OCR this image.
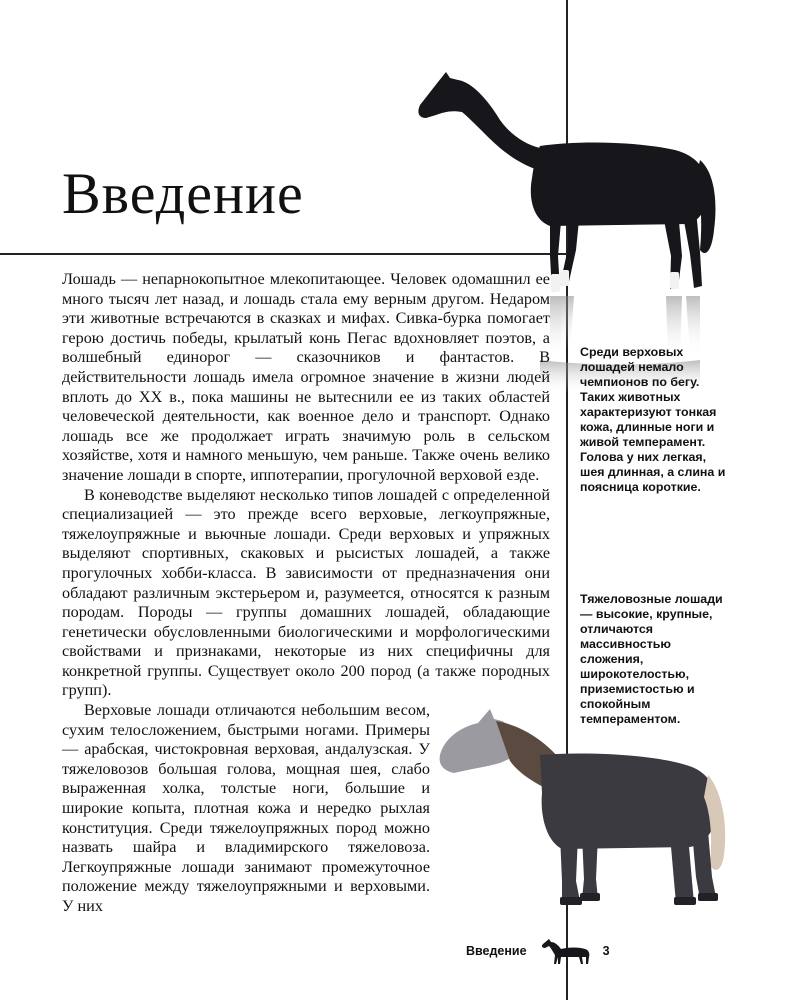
Введение

Лошадь — непарнокопытное млекопитающее. Человек одомашнил ее много тысяч лет назад, и лошадь стала ему верным другом. Недаром эти животные встречаются в сказках и мифах. Сивка-бурка помогает герою достичь победы, крылатый конь Пегас вдохновляет поэтов, а волшебный единорог — сказочников и фантастов. В действительности лошадь имела огромное значение в жизни людей вплоть до XX в., пока машины не вытеснили ее из таких областей человеческой деятельности, как военное дело и транспорт. Однако лошадь все же продолжает играть значимую роль в сельском хозяйстве, хотя и намного меньшую, чем раньше. Также очень велико значение лошади в спорте, иппотерапии, прогулочной верховой езде.

В коневодстве выделяют несколько типов лошадей с определенной специализацией — это прежде всего верховые, легкоупряжные, тяжелоупряжные и вьючные лошади. Среди верховых и упряжных выделяют спортивных, скаковых и рысистых лошадей, а также прогулочных хобби-класса. В зависимости от предназначения они обладают различным экстерьером и, разумеется, относятся к разным породам. Породы — группы домашних лошадей, обладающие генетически обусловленными биологическими и морфологическими свойствами и признаками, некоторые из них специфичны для конкретной группы. Существует около 200 пород (а также породных групп).

Верховые лошади отличаются небольшим весом, сухим телосложением, быстрыми ногами. Примеры — арабская, чистокровная верховая, андалузская. У тяжеловозов большая голова, мощная шея, слабо выраженная холка, толстые ноги, большие и широкие копыта, плотная кожа и нередко рыхлая конституция. Среди тяжелоупряжных пород можно назвать шайра и владимирского тяжеловоза. Легкоупряжные лошади занимают промежуточное положение между тяжелоупряжными и верховыми. У них

Среди верховых лошадей немало чемпионов по бегу. Таких животных характеризуют тонкая кожа, длинные ноги и живой темперамент. Голова у них легкая, шея длинная, а слина и поясница короткие.

Тяжеловозные лошади — высокие, крупные, отличаются массивностью сложения, широкотелостью, приземистостью и спокойным темпераментом.

Введение	3
